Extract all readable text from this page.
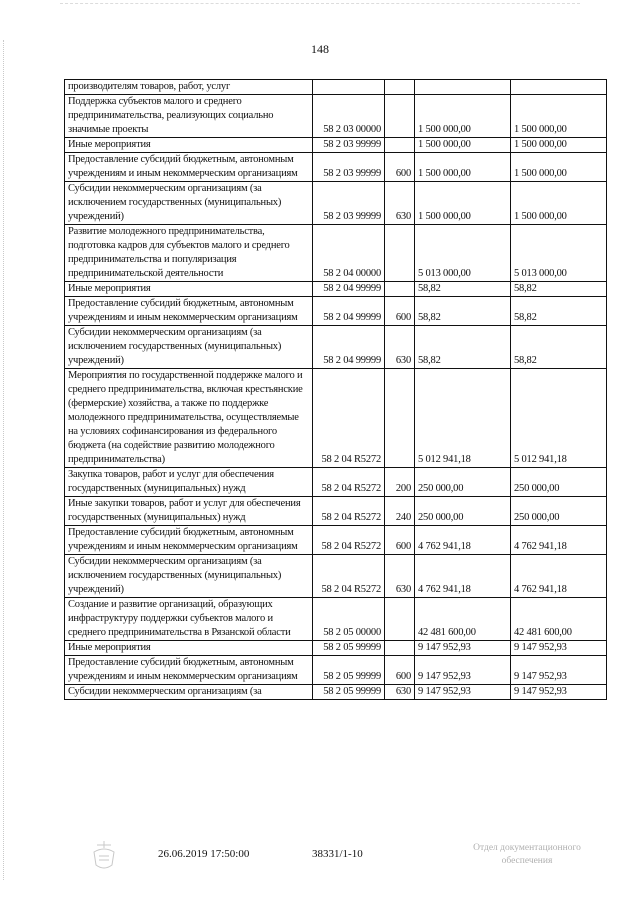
148
производителям товаров, работ, услуг				
Поддержка субъектов малого и среднего предпринимательства, реализующих социально значимые проекты	58 2 03 00000		1 500 000,00	1 500 000,00
Иные мероприятия	58 2 03 99999		1 500 000,00	1 500 000,00
Предоставление субсидий бюджетным, автономным учреждениям и иным некоммерческим организациям	58 2 03 99999	600	1 500 000,00	1 500 000,00
Субсидии некоммерческим организациям (за исключением государственных (муниципальных) учреждений)	58 2 03 99999	630	1 500 000,00	1 500 000,00
Развитие молодежного предпринимательства, подготовка кадров для субъектов малого и среднего предпринимательства и популяризация предпринимательской деятельности	58 2 04 00000		5 013 000,00	5 013 000,00
Иные мероприятия	58 2 04 99999		58,82	58,82
Предоставление субсидий бюджетным, автономным учреждениям и иным некоммерческим организациям	58 2 04 99999	600	58,82	58,82
Субсидии некоммерческим организациям (за исключением государственных (муниципальных) учреждений)	58 2 04 99999	630	58,82	58,82
Мероприятия по государственной поддержке малого и среднего предпринимательства, включая крестьянские (фермерские) хозяйства, а также по поддержке молодежного предпринимательства, осуществляемые на условиях софинансирования из федерального бюджета (на содействие развитию молодежного предпринимательства)	58 2 04 R5272		5 012 941,18	5 012 941,18
Закупка товаров, работ и услуг для обеспечения государственных (муниципальных) нужд	58 2 04 R5272	200	250 000,00	250 000,00
Иные закупки товаров, работ и услуг для обеспечения государственных (муниципальных) нужд	58 2 04 R5272	240	250 000,00	250 000,00
Предоставление субсидий бюджетным, автономным учреждениям и иным некоммерческим организациям	58 2 04 R5272	600	4 762 941,18	4 762 941,18
Субсидии некоммерческим организациям (за исключением государственных (муниципальных) учреждений)	58 2 04 R5272	630	4 762 941,18	4 762 941,18
Создание и развитие организаций, образующих инфраструктуру поддержки субъектов малого и среднего предпринимательства в Рязанской области	58 2 05 00000		42 481 600,00	42 481 600,00
Иные мероприятия	58 2 05 99999		9 147 952,93	9 147 952,93
Предоставление субсидий бюджетным, автономным учреждениям и иным некоммерческим организациям	58 2 05 99999	600	9 147 952,93	9 147 952,93
Субсидии некоммерческим организациям (за	58 2 05 99999	630	9 147 952,93	9 147 952,93
26.06.2019 17:50:00	38331/1-10	Отдел документационного обеспечения
